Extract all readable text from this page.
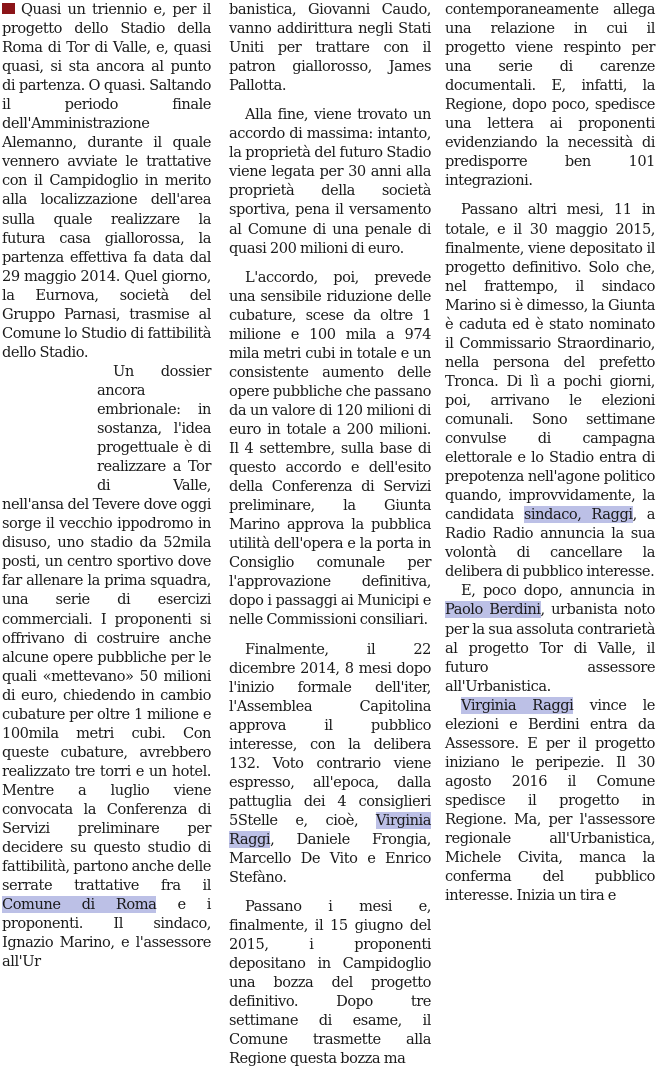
Quasi un triennio e, per il progetto dello Stadio della Roma di Tor di Valle, e, quasi quasi, si sta ancora al punto di partenza. O quasi. Saltando il periodo finale dell'Amministrazione Alemanno, durante il quale vennero avviate le trattative con il Campidoglio in merito alla localizzazione dell'area sulla quale realizzare la futura casa giallorossa, la partenza effettiva fa data dal 29 maggio 2014. Quel giorno, la Eurnova, società del Gruppo Parnasi, trasmise al Comune lo Studio di fattibilità dello Stadio.

Un dossier ancora embrionale: in sostanza, l'idea progettuale è di realizzare a Tor di Valle, nell'ansa del Tevere dove oggi sorge il vecchio ippodromo in disuso, uno stadio da 52mila posti, un centro sportivo dove far allenare la prima squadra, una serie di esercizi commerciali. I proponenti si offrivano di costruire anche alcune opere pubbliche per le quali «mettevano» 50 milioni di euro, chiedendo in cambio cubature per oltre 1 milione e 100mila metri cubi. Con queste cubature, avrebbero realizzato tre torri e un hotel. Mentre a luglio viene convocata la Conferenza di Servizi preliminare per decidere su questo studio di fattibilità, partono anche delle serrate trattative fra il Comune di Roma e i proponenti. Il sindaco, Ignazio Marino, e l'assessore all'Ur

banistica, Giovanni Caudo, vanno addirittura negli Stati Uniti per trattare con il patron giallorosso, James Pallotta.

Alla fine, viene trovato un accordo di massima: intanto, la proprietà del futuro Stadio viene legata per 30 anni alla proprietà della società sportiva, pena il versamento al Comune di una penale di quasi 200 milioni di euro.

L'accordo, poi, prevede una sensibile riduzione delle cubature, scese da oltre 1 milione e 100 mila a 974 mila metri cubi in totale e un consistente aumento delle opere pubbliche che passano da un valore di 120 milioni di euro in totale a 200 milioni. Il 4 settembre, sulla base di questo accordo e dell'esito della Conferenza di Servizi preliminare, la Giunta Marino approva la pubblica utilità dell'opera e la porta in Consiglio comunale per l'approvazione definitiva, dopo i passaggi ai Municipi e nelle Commissioni consiliari.

Finalmente, il 22 dicembre 2014, 8 mesi dopo l'inizio formale dell'iter, l'Assemblea Capitolina approva il pubblico interesse, con la delibera 132. Voto contrario viene espresso, all'epoca, dalla pattuglia dei 4 consiglieri 5Stelle e, cioè, Virginia Raggi, Daniele Frongia, Marcello De Vito e Enrico Stefàno.

Passano i mesi e, finalmente, il 15 giugno del 2015, i proponenti depositano in Campidoglio una bozza del progetto definitivo. Dopo tre settimane di esame, il Comune trasmette alla Regione questa bozza ma

contemporaneamente allega una relazione in cui il progetto viene respinto per una serie di carenze documentali. E, infatti, la Regione, dopo poco, spedisce una lettera ai proponenti evidenziando la necessità di predisporre ben 101 integrazioni.

Passano altri mesi, 11 in totale, e il 30 maggio 2015, finalmente, viene depositato il progetto definitivo. Solo che, nel frattempo, il sindaco Marino si è dimesso, la Giunta è caduta ed è stato nominato il Commissario Straordinario, nella persona del prefetto Tronca. Di lì a pochi giorni, poi, arrivano le elezioni comunali. Sono settimane convulse di campagna elettorale e lo Stadio entra di prepotenza nell'agone politico quando, improvvidamente, la candidata sindaco, Raggi, a Radio Radio annuncia la sua volontà di cancellare la delibera di pubblico interesse.

E, poco dopo, annuncia in Paolo Berdini, urbanista noto per la sua assoluta contrarietà al progetto Tor di Valle, il futuro assessore all'Urbanistica.

Virginia Raggi vince le elezioni e Berdini entra da Assessore. E per il progetto iniziano le peripezie. Il 30 agosto 2016 il Comune spedisce il progetto in Regione. Ma, per l'assessore regionale all'Urbanistica, Michele Civita, manca la conferma del pubblico interesse. Inizia un tira e
